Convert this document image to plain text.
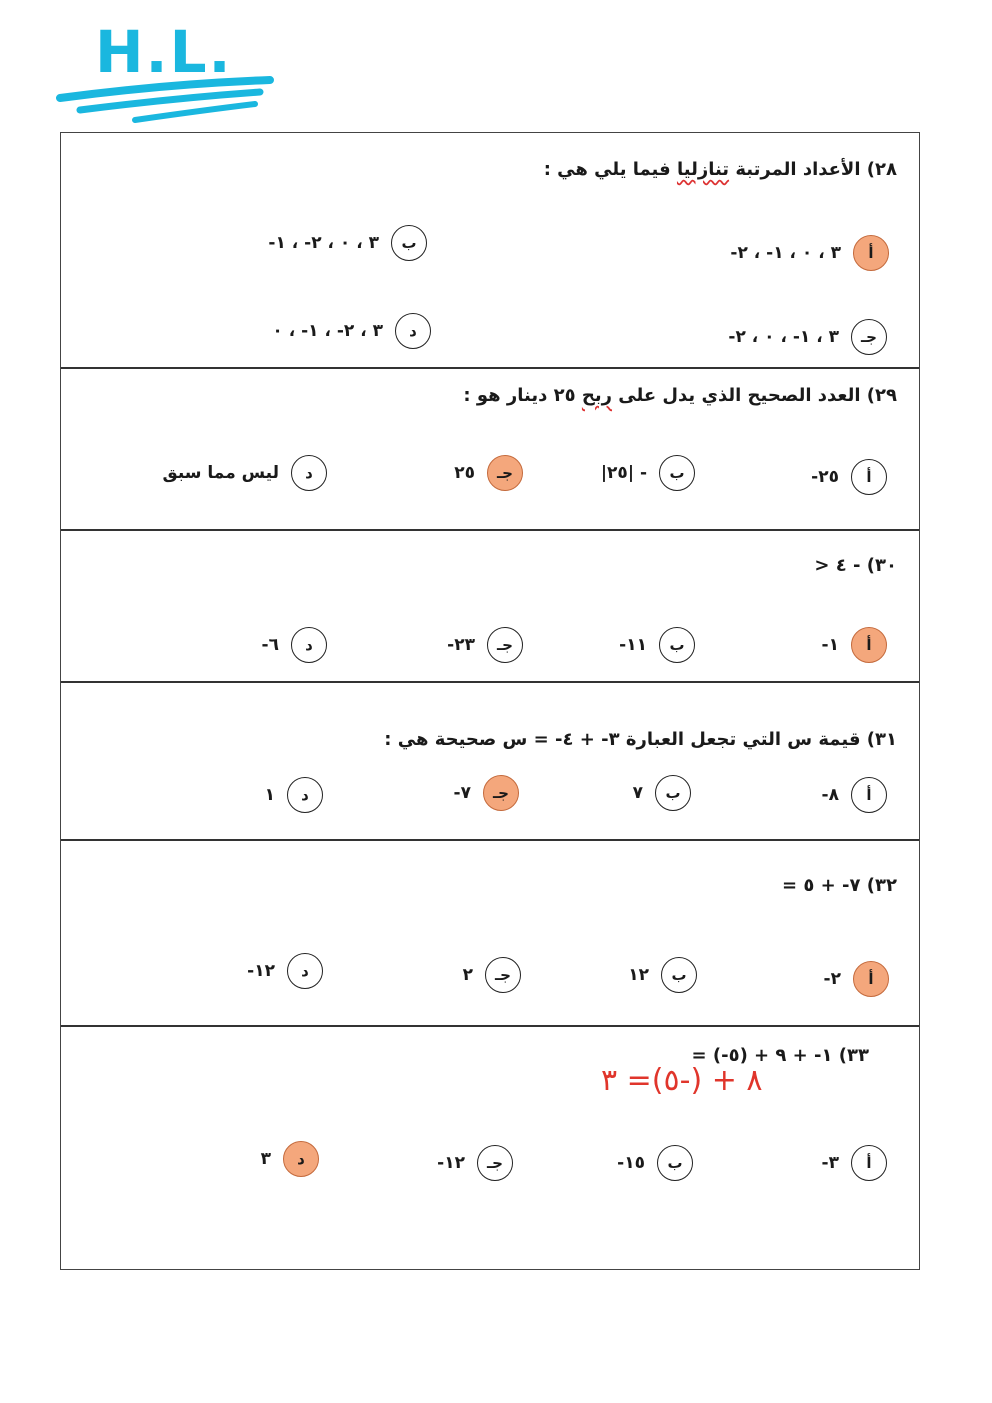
H.L.
٢٨) الأعداد المرتبة تنازليا فيما يلي هي :
٣ ، ٠ ، ١- ، ٢-	أ
٣ ، ٠ ، ٢- ، ١-	ب
٣ ، ١- ، ٠ ، ٢-	جـ
٣ ، ٢- ، ١- ، ٠	د
٢٩) العدد الصحيح الذي يدل على ربح ٢٥ دينار هو :
٢٥-	أ
- |٢٥|	ب
٢٥	جـ
ليس مما سبق	د
٣٠) - ٤ <
١-	أ
١١-	ب
٢٣-	جـ
٦-	د
٣١) قيمة س التي تجعل العبارة ٣- + ٤- = س صحيحة هي :
٨-	أ
٧	ب
٧-	جـ
١	د
٣٢) ٧- + ٥ =
٢-	أ
١٢	ب
٢	جـ
١٢-	د
٣٣) ١- + ٩ + (٥-) =
٨ + (-٥)= ٣
٣-	أ
١٥-	ب
١٢-	جـ
٣	د
